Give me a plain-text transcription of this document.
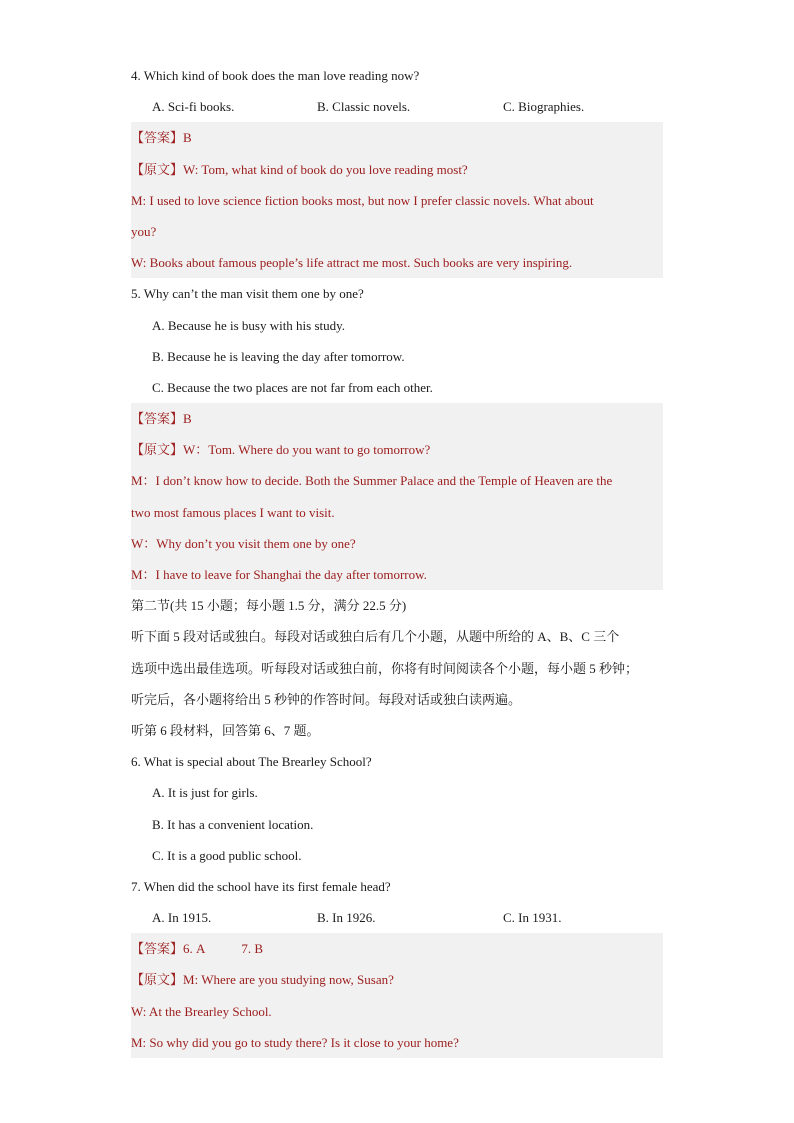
4. Which kind of book does the man love reading now?
A. Sci-fi books.	B. Classic novels.	C. Biographies.
【答案】B
【原文】W: Tom, what kind of book do you love reading most?
M: I used to love science fiction books most, but now I prefer classic novels. What about
you?
W: Books about famous people’s life attract me most. Such books are very inspiring.
5. Why can’t the man visit them one by one?
A. Because he is busy with his study.
B. Because he is leaving the day after tomorrow.
C. Because the two places are not far from each other.
【答案】B
【原文】W：Tom. Where do you want to go tomorrow?
M：I don’t know how to decide. Both the Summer Palace and the Temple of Heaven are the
two most famous places I want to visit.
W：Why don’t you visit them one by one?
M：I have to leave for Shanghai the day after tomorrow.
第二节(共 15 小题；每小题 1.5 分，满分 22.5 分)
听下面 5 段对话或独白。每段对话或独白后有几个小题，从题中所给的 A、B、C 三个
选项中选出最佳选项。听每段对话或独白前，你将有时间阅读各个小题，每小题 5 秒钟；
听完后，各小题将给出 5 秒钟的作答时间。每段对话或独白读两遍。
听第 6 段材料，回答第 6、7 题。
6. What is special about The Brearley School?
A. It is just for girls.
B. It has a convenient location.
C. It is a good public school.
7. When did the school have its first female head?
A. In 1915.	B. In 1926.	C. In 1931.
【答案】6. A	7. B
【原文】M: Where are you studying now, Susan?
W: At the Brearley School.
M: So why did you go to study there? Is it close to your home?
